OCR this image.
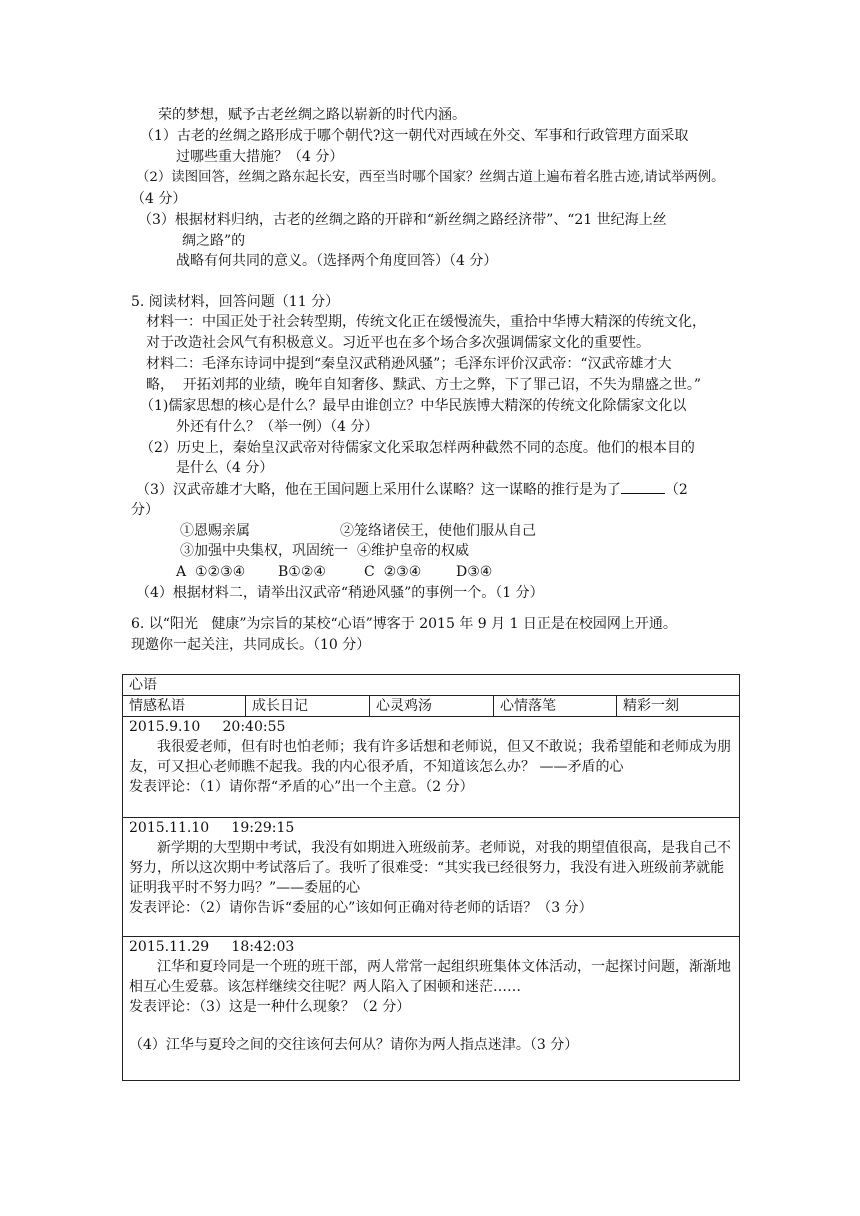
荣的梦想，赋予古老丝绸之路以崭新的时代内涵。
（1）古老的丝绸之路形成于哪个朝代?这一朝代对西域在外交、军事和行政管理方面采取
过哪些重大措施？（4 分）
（2）读图回答，丝绸之路东起长安，西至当时哪个国家？丝绸古道上遍布着名胜古迹,请试举两例。
（4 分）
（3）根据材料归纳，古老的丝绸之路的开辟和“新丝绸之路经济带”、“21 世纪海上丝
绸之路”的
战略有何共同的意义。（选择两个角度回答）（4 分）
5. 阅读材料，回答问题（11 分）
材料一：中国正处于社会转型期，传统文化正在缓慢流失，重拾中华博大精深的传统文化，
对于改造社会风气有积极意义。习近平也在多个场合多次强调儒家文化的重要性。
材料二：毛泽东诗词中提到“秦皇汉武稍逊风骚”；毛泽东评价汉武帝：“汉武帝雄才大
略，  开拓刘邦的业绩，晚年自知奢侈、黩武、方士之弊，下了罪己诏，不失为鼎盛之世。”
（1)儒家思想的核心是什么？最早由谁创立？中华民族博大精深的传统文化除儒家文化以
外还有什么？（举一例）（4 分）
（2）历史上，秦始皇汉武帝对待儒家文化采取怎样两种截然不同的态度。他们的根本目的
是什么（4 分）
（3）汉武帝雄才大略，他在王国问题上采用什么谋略？这一谋略的推行是为了	（2
分）
①恩赐亲属	②笼络诸侯王，使他们服从自己
③加强中央集权，巩固统一 ④维护皇帝的权威
A  ①②③④ B①②④	C  ②③④ D③④
（4）根据材料二，请举出汉武帝“稍逊风骚”的事例一个。（1 分）
6. 以“阳光   健康”为宗旨的某校“心语”博客于 2015 年 9 月 1 日正是在校园网上开通。
现邀你一起关注，共同成长。（10 分）
心语
情感私语	成长日记	心灵鸡汤	心情落笔	精彩一刻

2015.9.10     20:40:55
我很爱老师，但有时也怕老师；我有许多话想和老师说，但又不敢说；我希望能和老师成为朋友，可又担心老师瞧不起我。我的内心很矛盾，不知道该怎么办？ ——矛盾的心
发表评论：（1）请你帮“矛盾的心”出一个主意。（2 分）

2015.11.10     19:29:15
新学期的大型期中考试，我没有如期进入班级前茅。老师说，对我的期望值很高，是我自己不努力，所以这次期中考试落后了。我听了很难受：“其实我已经很努力，我没有进入班级前茅就能证明我平时不努力吗？”——委屈的心
发表评论：（2）请你告诉“委屈的心”该如何正确对待老师的话语？（3 分）

2015.11.29     18:42:03
江华和夏玲同是一个班的班干部，两人常常一起组织班集体文体活动，一起探讨问题，渐渐地相互心生爱慕。该怎样继续交往呢？两人陷入了困顿和迷茫……
发表评论：（3）这是一种什么现象？（2 分）
（4）江华与夏玲之间的交往该何去何从？请你为两人指点迷津。（3 分）
